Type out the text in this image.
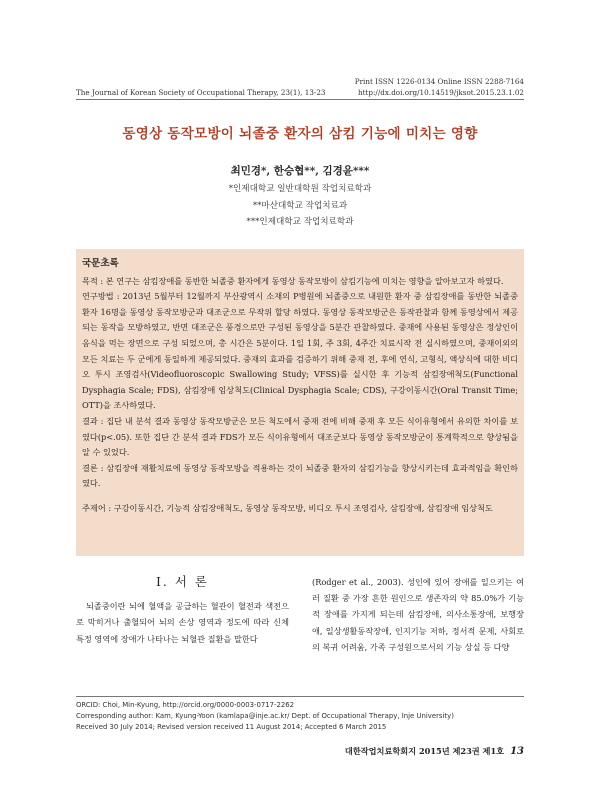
The Journal of Korean Society of Occupational Therapy, 23(1), 13-23
Print ISSN 1226-0134 Online ISSN 2288-7164
http://dx.doi.org/10.14519/jksot.2015.23.1.02
동영상 동작모방이 뇌졸중 환자의 삼킴 기능에 미치는 영향
최민경*, 한승협**, 김경윤***
*인제대학교 일반대학원 작업치료학과
**마산대학교 작업치료과
***인제대학교 작업치료학과
국문초록

목적 : 본 연구는 삼킴장애를 동반한 뇌졸중 환자에게 동영상 동작모방이 삼킴기능에 미치는 영향을 알아보고자 하였다.

연구방법 : 2013년 5월부터 12월까지 부산광역시 소재의 P병원에 뇌졸중으로 내원한 환자 중 삼킴장애를 동반한 뇌졸중 환자 16명을 동영상 동작모방군과 대조군으로 무작위 할당 하였다. 동영상 동작모방군은 동작관찰과 함께 동영상에서 제공되는 동작을 모방하였고, 반면 대조군은 풍경으로만 구성된 동영상을 5분간 관찰하였다. 중재에 사용된 동영상은 정상인이 음식을 먹는 장면으로 구성 되었으며, 총 시간은 5분이다. 1일 1회, 주 3회, 4주간 치료시작 전 실시하였으며, 중재이외의 모든 치료는 두 군에게 동일하게 제공되었다. 중재의 효과를 검증하기 위해 중재 전, 후에 연식, 고형식, 액상식에 대한 비디오 투시 조영검사(Videofluoroscopic Swallowing Study; VFSS)를 실시한 후 기능적 삼킴장애척도(Functional Dysphagia Scale; FDS), 삼킴장애 임상척도(Clinical Dysphagia Scale; CDS), 구강이동시간(Oral Transit Time; OTT)을 조사하였다.

결과 : 집단 내 분석 결과 동영상 동작모방군은 모든 척도에서 중재 전에 비해 중재 후 모든 식이유형에서 유의한 차이를 보였다(p<.05). 또한 집단 간 분석 결과 FDS가 모든 식이유형에서 대조군보다 동영상 동작모방군이 통계학적으로 향상됨을 알 수 있었다.

결론 : 삼킴장애 재활치료에 동영상 동작모방을 적용하는 것이 뇌졸중 환자의 삼킴기능을 향상시키는데 효과적임을 확인하였다.

주제어 : 구강이동시간, 기능적 삼킴장애척도, 동영상 동작모방, 비디오 투시 조영검사, 삼킴장애, 삼킴장애 임상척도

Ⅰ. 서 론

뇌졸중이란 뇌에 혈액을 공급하는 혈관이 혈전과 색전으로 막히거나 출혈되어 뇌의 손상 영역과 정도에 따라 신체 특정 영역에 장애가 나타나는 뇌혈관 질환을 말한다

(Rodger et al., 2003). 성인에 있어 장애를 일으키는 여러 질환 중 가장 흔한 원인으로 생존자의 약 85.0%가 기능적 장애를 가지게 되는데 삼킴장애, 의사소통장애, 보행장애, 일상생활동작장애, 인지기능 저하, 정서적 문제, 사회로의 복귀 어려움, 가족 구성원으로서의 기능 상실 등 다양

ORCID: Choi, Min-Kyung, http://orcid.org/0000-0003-0717-2262
Corresponding author: Kam, Kyung-Yoon (kamlapa@inje.ac.kr/ Dept. of Occupational Therapy, Inje University)
Received 30 July 2014; Revised version received 11 August 2014; Accepted 6 March 2015
대한작업치료학회지 2015년 제23권 제1호 13
